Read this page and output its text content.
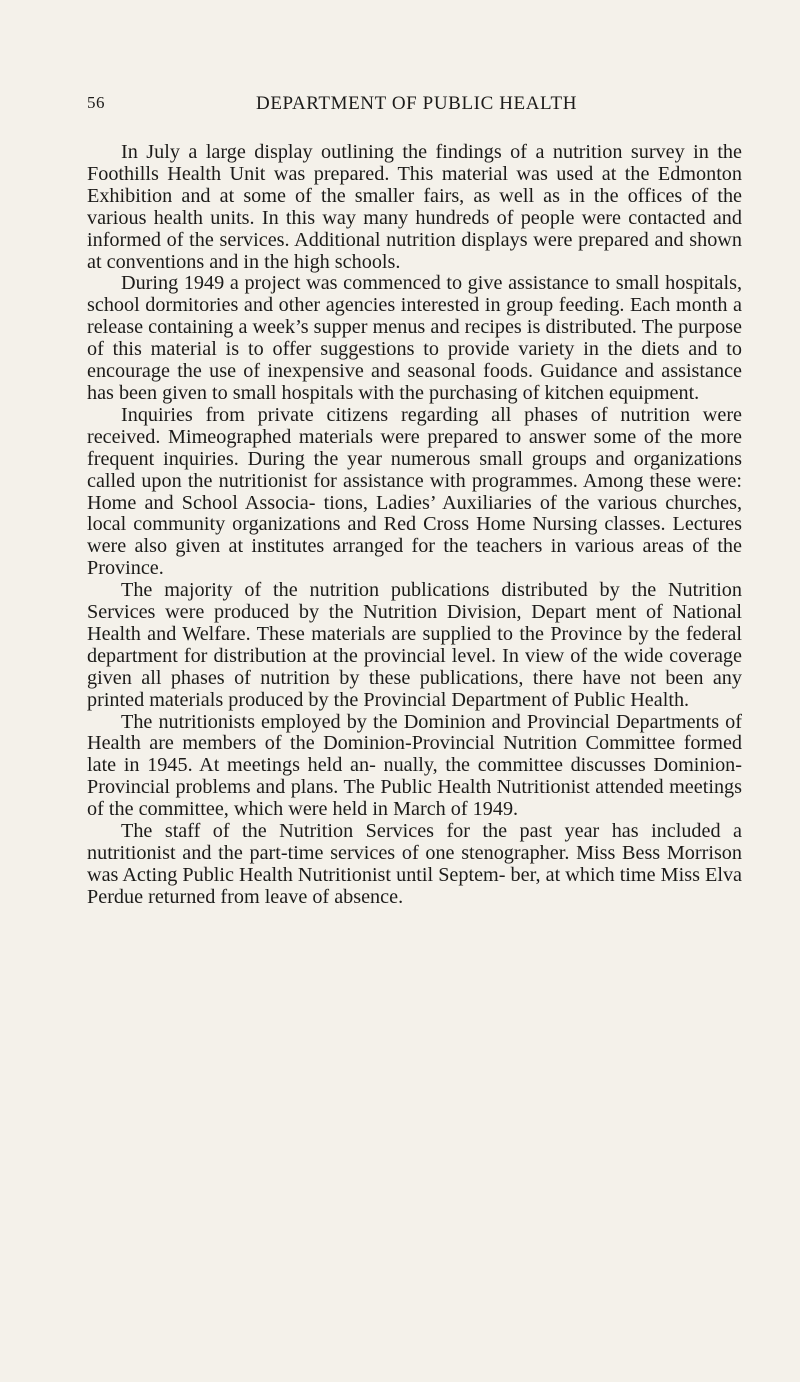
56	DEPARTMENT OF PUBLIC HEALTH

In July a large display outlining the findings of a nutrition survey in the Foothills Health Unit was prepared. This material was used at the Edmonton Exhibition and at some of the smaller fairs, as well as in the offices of the various health units. In this way many hundreds of people were contacted and informed of the services. Additional nutrition displays were prepared and shown at conventions and in the high schools.

During 1949 a project was commenced to give assistance to small hospitals, school dormitories and other agencies interested in group feeding. Each month a release containing a week’s supper menus and recipes is distributed. The purpose of this material is to offer suggestions to provide variety in the diets and to encourage the use of inexpensive and seasonal foods. Guidance and assistance has been given to small hospitals with the purchasing of kitchen equipment.

Inquiries from private citizens regarding all phases of nutrition were received. Mimeographed materials were prepared to answer some of the more frequent inquiries. During the year numerous small groups and organizations called upon the nutritionist for assistance with programmes. Among these were: Home and School Associa- tions, Ladies’ Auxiliaries of the various churches, local community organizations and Red Cross Home Nursing classes. Lectures were also given at institutes arranged for the teachers in various areas of the Province.

The majority of the nutrition publications distributed by the Nutrition Services were produced by the Nutrition Division, Depart ment of National Health and Welfare. These materials are supplied to the Province by the federal department for distribution at the provincial level. In view of the wide coverage given all phases of nutrition by these publications, there have not been any printed materials produced by the Provincial Department of Public Health.

The nutritionists employed by the Dominion and Provincial Departments of Health are members of the Dominion-Provincial Nutrition Committee formed late in 1945. At meetings held an- nually, the committee discusses Dominion-Provincial problems and plans. The Public Health Nutritionist attended meetings of the committee, which were held in March of 1949.

The staff of the Nutrition Services for the past year has included a nutritionist and the part-time services of one stenographer. Miss Bess Morrison was Acting Public Health Nutritionist until Septem- ber, at which time Miss Elva Perdue returned from leave of absence.
